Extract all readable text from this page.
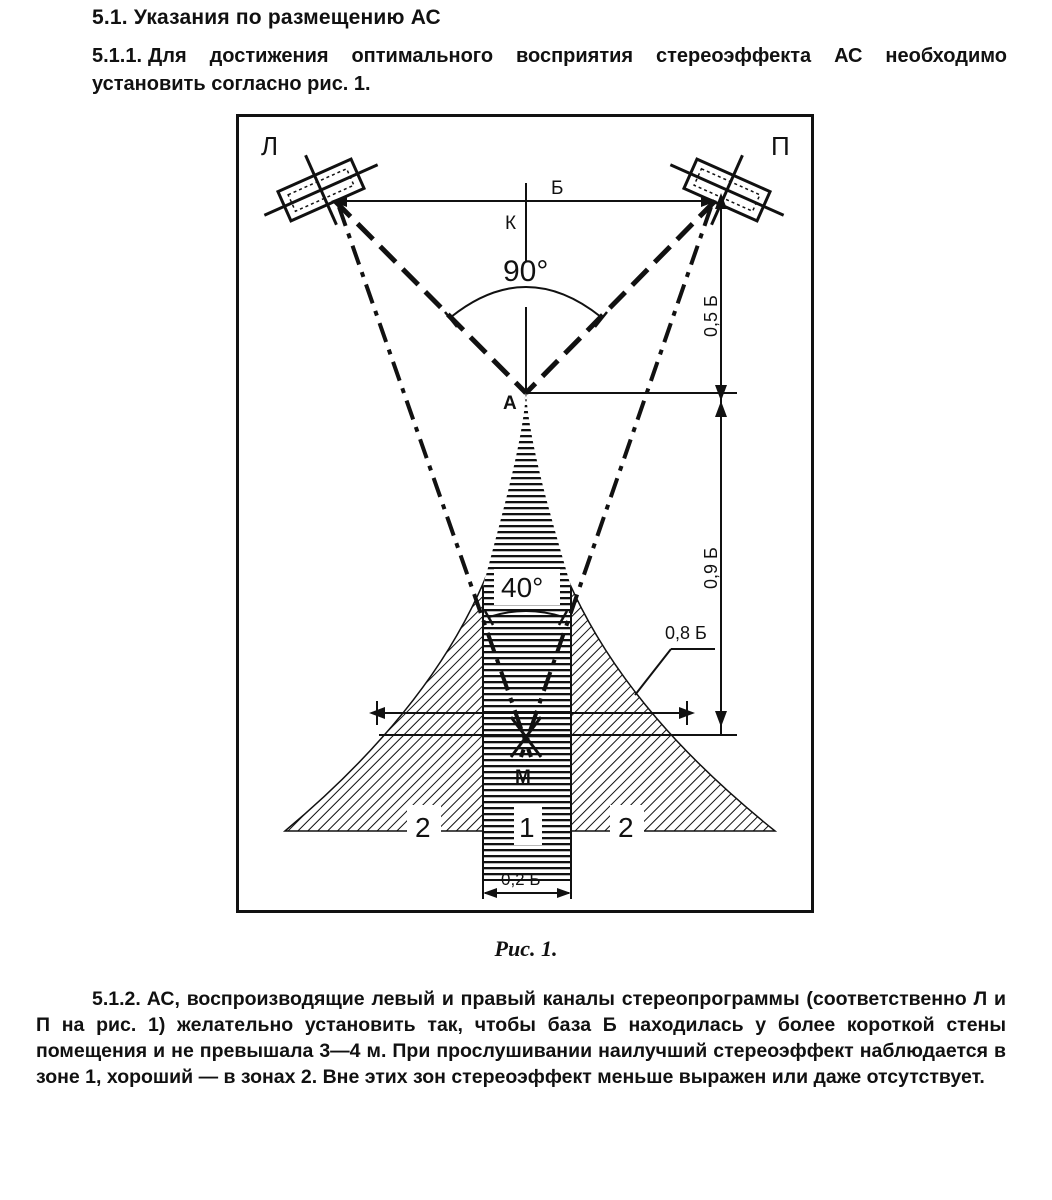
5.1. Указания по размещению АС
5.1.1. Для достижения оптимального восприятия стереоэффекта АС необходимо установить согласно рис. 1.
Л	П
Б
К
90°
0,5 Б
А
40°	0,9 Б
0,8 Б
М
2	1	2
0,2 Б
Рис. 1.
5.1.2. АС, воспроизводящие левый и правый каналы стереопрограммы (соответственно Л и П на рис. 1) желательно установить так, чтобы база Б находилась у более короткой стены помещения и не превышала 3—4 м. При прослушивании наилучший стереоэффект наблюдается в зоне 1, хороший — в зонах 2. Вне этих зон стереоэффект меньше выражен или даже отсутствует.
